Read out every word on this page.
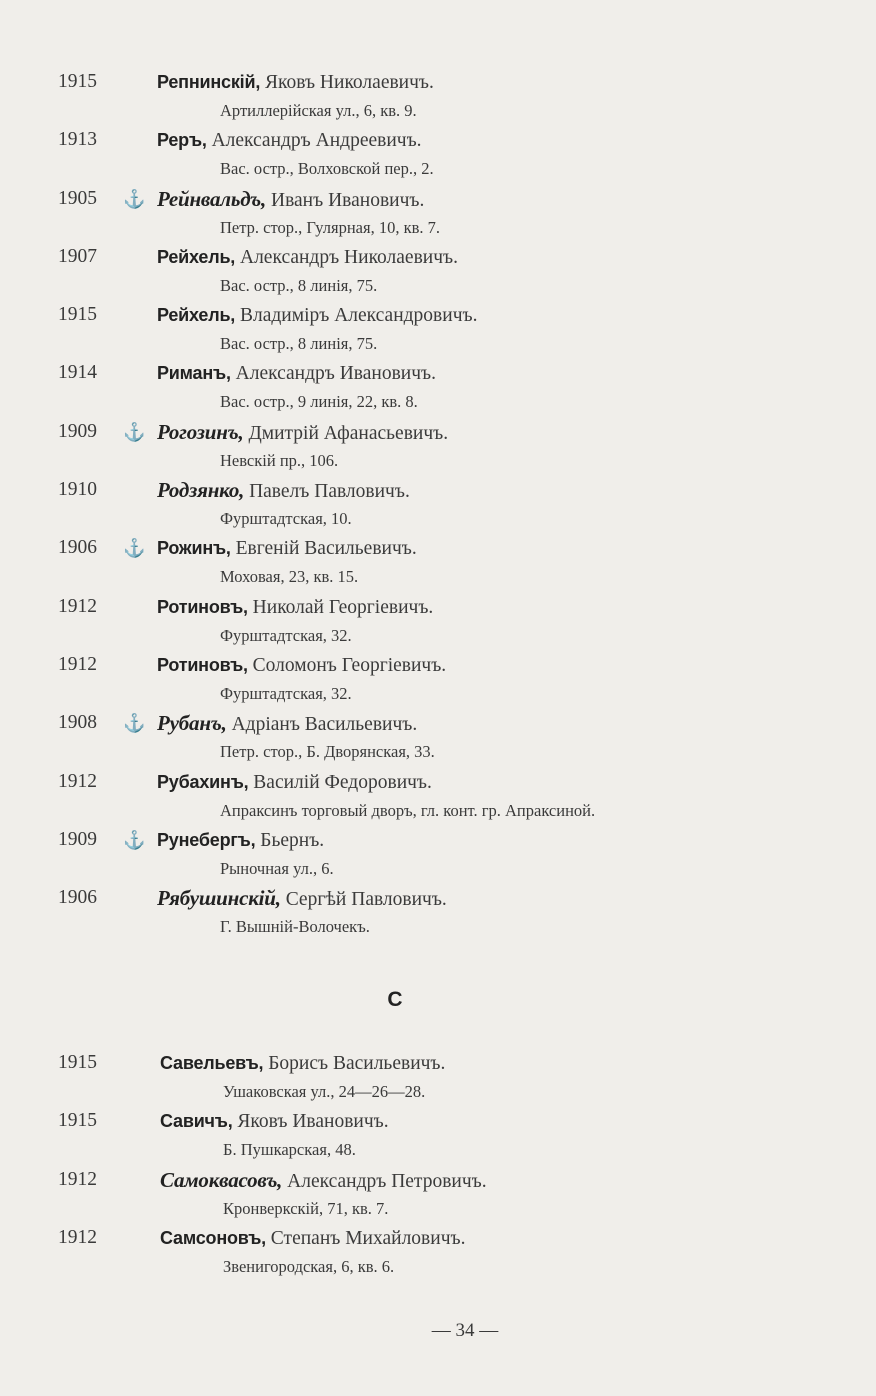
1915	Репнинскій, Яковъ Николаевичъ.
Артиллерійская ул., 6, кв. 9.
1913	Реръ, Александръ Андреевичъ.
Вас. остр., Волховской пер., 2.
1905 ⚓ Рейнвальдъ, Иванъ Ивановичъ.
Петр. стор., Гулярная, 10, кв. 7.
1907	Рейхель, Александръ Николаевичъ.
Вас. остр., 8 линія, 75.
1915	Рейхель, Владиміръ Александровичъ.
Вас. остр., 8 линія, 75.
1914	Риманъ, Александръ Ивановичъ.
Вас. остр., 9 линія, 22, кв. 8.
1909 ⚓ Рогозинъ, Дмитрій Афанасьевичъ.
Невскій пр., 106.
1910	Родзянко, Павелъ Павловичъ.
Фурштадтская, 10.
1906 ⚓ Рожинъ, Евгеній Васильевичъ.
Моховая, 23, кв. 15.
1912	Ротиновъ, Николай Георгіевичъ.
Фурштадтская, 32.
1912	Ротиновъ, Соломонъ Георгіевичъ.
Фурштадтская, 32.
1908 ⚓ Рубанъ, Адріанъ Васильевичъ.
Петр. стор., Б. Дворянская, 33.
1912	Рубахинъ, Василій Федоровичъ.
Апраксинъ торговый дворъ, гл. конт. гр. Апраксиной.
1909 ⚓ Рунебергъ, Бьернъ.
Рыночная ул., 6.
1906	Рябушинскій, Сергѣй Павловичъ.
Г. Вышній-Волочекъ.
С
1915	Савельевъ, Борисъ Васильевичъ.
Ушаковская ул., 24—26—28.
1915	Савичъ, Яковъ Ивановичъ.
Б. Пушкарская, 48.
1912	Самоквасовъ, Александръ Петровичъ.
Кронверкскій, 71, кв. 7.
1912	Самсоновъ, Степанъ Михайловичъ.
Звенигородская, 6, кв. 6.
— 34 —
